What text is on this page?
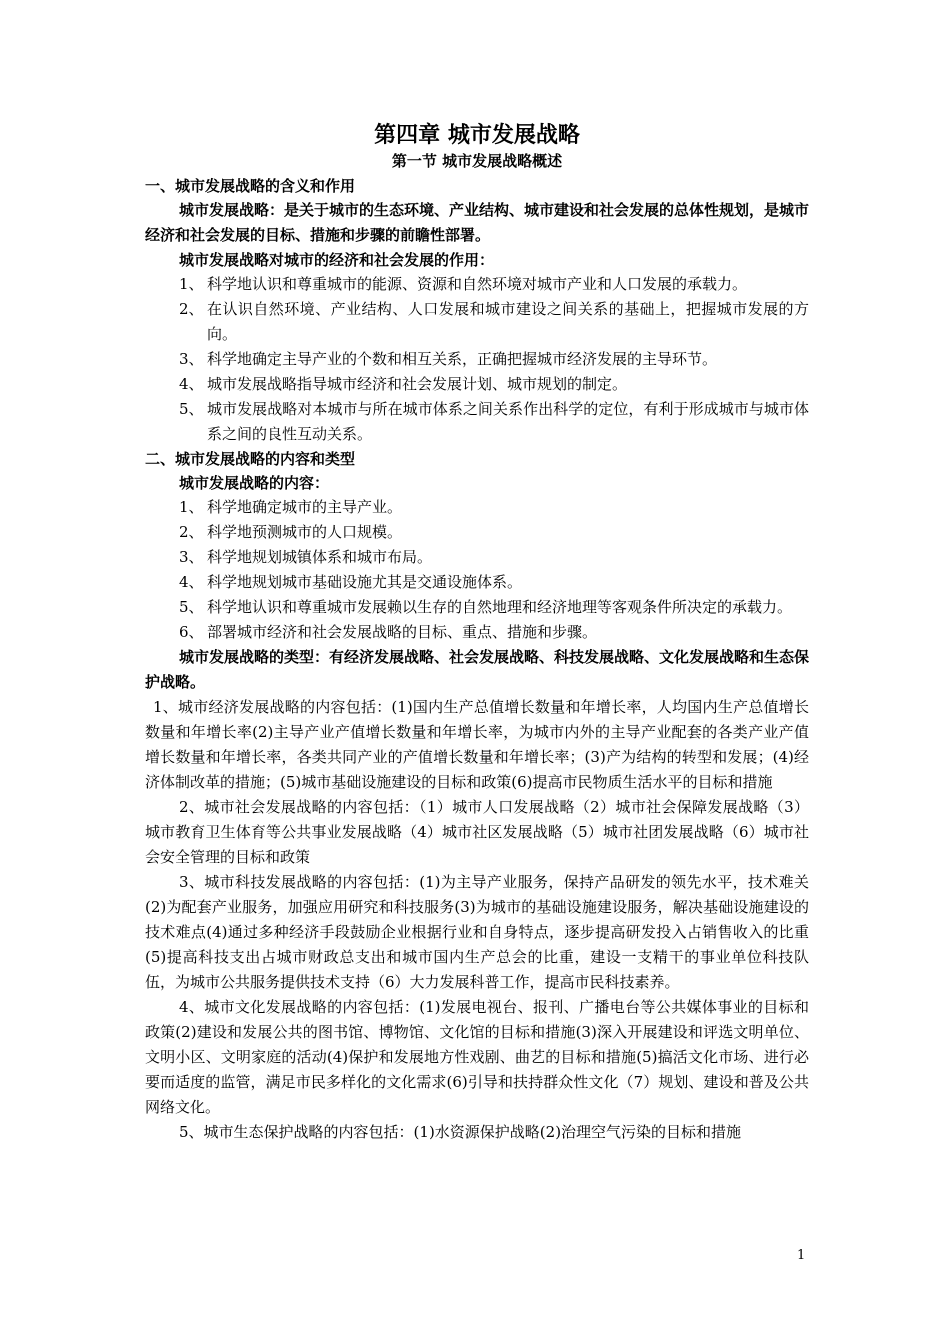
第四章 城市发展战略
第一节 城市发展战略概述
一、城市发展战略的含义和作用

城市发展战略：是关于城市的生态环境、产业结构、城市建设和社会发展的总体性规划，是城市经济和社会发展的目标、措施和步骤的前瞻性部署。

城市发展战略对城市的经济和社会发展的作用：
1、 科学地认识和尊重城市的能源、资源和自然环境对城市产业和人口发展的承载力。
2、 在认识自然环境、产业结构、人口发展和城市建设之间关系的基础上，把握城市发展的方向。
3、 科学地确定主导产业的个数和相互关系，正确把握城市经济发展的主导环节。
4、 城市发展战略指导城市经济和社会发展计划、城市规划的制定。
5、 城市发展战略对本城市与所在城市体系之间关系作出科学的定位，有利于形成城市与城市体系之间的良性互动关系。
二、城市发展战略的内容和类型
城市发展战略的内容：
1、 科学地确定城市的主导产业。
2、 科学地预测城市的人口规模。
3、 科学地规划城镇体系和城市布局。
4、 科学地规划城市基础设施尤其是交通设施体系。
5、 科学地认识和尊重城市发展赖以生存的自然地理和经济地理等客观条件所决定的承载力。
6、 部署城市经济和社会发展战略的目标、重点、措施和步骤。

城市发展战略的类型：有经济发展战略、社会发展战略、科技发展战略、文化发展战略和生态保护战略。

1、城市经济发展战略的内容包括：(1)国内生产总值增长数量和年增长率，人均国内生产总值增长数量和年增长率(2)主导产业产值增长数量和年增长率，为城市内外的主导产业配套的各类产业产值增长数量和年增长率，各类共同产业的产值增长数量和年增长率；(3)产为结构的转型和发展；(4)经济体制改革的措施；(5)城市基础设施建设的目标和政策(6)提高市民物质生活水平的目标和措施

2、城市社会发展战略的内容包括：（1）城市人口发展战略（2）城市社会保障发展战略（3）城市教育卫生体育等公共事业发展战略（4）城市社区发展战略（5）城市社团发展战略（6）城市社会安全管理的目标和政策

3、城市科技发展战略的内容包括：(1)为主导产业服务，保持产品研发的领先水平，技术难关(2)为配套产业服务，加强应用研究和科技服务(3)为城市的基础设施建设服务，解决基础设施建设的技术难点(4)通过多种经济手段鼓励企业根据行业和自身特点，逐步提高研发投入占销售收入的比重(5)提高科技支出占城市财政总支出和城市国内生产总会的比重，建设一支精干的事业单位科技队伍，为城市公共服务提供技术支持（6）大力发展科普工作，提高市民科技素养。

4、城市文化发展战略的内容包括：(1)发展电视台、报刊、广播电台等公共媒体事业的目标和政策(2)建设和发展公共的图书馆、博物馆、文化馆的目标和措施(3)深入开展建设和评选文明单位、文明小区、文明家庭的活动(4)保护和发展地方性戏剧、曲艺的目标和措施(5)搞活文化市场、进行必要而适度的监管，满足市民多样化的文化需求(6)引导和扶持群众性文化（7）规划、建设和普及公共网络文化。

5、城市生态保护战略的内容包括：(1)水资源保护战略(2)治理空气污染的目标和措施

1
